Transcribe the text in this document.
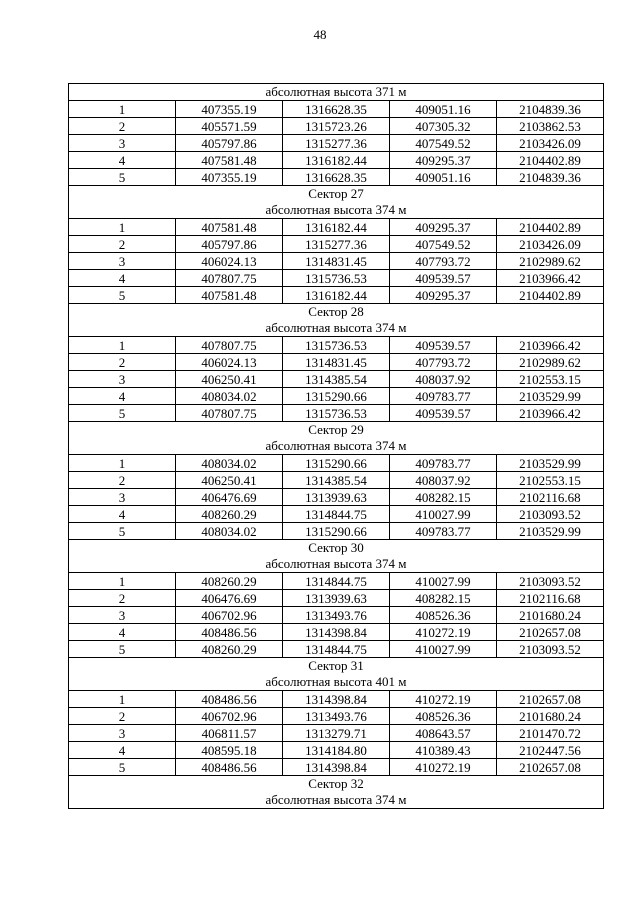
48
абсолютная высота 371 м				

1	407355.19	1316628.35	409051.16	2104839.36
2	405571.59	1315723.26	407305.32	2103862.53
3	405797.86	1315277.36	407549.52	2103426.09
4	407581.48	1316182.44	409295.37	2104402.89
5	407355.19	1316628.35	409051.16	2104839.36

Сектор 27
абсолютная высота 374 м				

1	407581.48	1316182.44	409295.37	2104402.89
2	405797.86	1315277.36	407549.52	2103426.09
3	406024.13	1314831.45	407793.72	2102989.62
4	407807.75	1315736.53	409539.57	2103966.42
5	407581.48	1316182.44	409295.37	2104402.89

Сектор 28
абсолютная высота 374 м				

1	407807.75	1315736.53	409539.57	2103966.42
2	406024.13	1314831.45	407793.72	2102989.62
3	406250.41	1314385.54	408037.92	2102553.15
4	408034.02	1315290.66	409783.77	2103529.99
5	407807.75	1315736.53	409539.57	2103966.42

Сектор 29
абсолютная высота 374 м				

1	408034.02	1315290.66	409783.77	2103529.99
2	406250.41	1314385.54	408037.92	2102553.15
3	406476.69	1313939.63	408282.15	2102116.68
4	408260.29	1314844.75	410027.99	2103093.52
5	408034.02	1315290.66	409783.77	2103529.99

Сектор 30
абсолютная высота 374 м				

1	408260.29	1314844.75	410027.99	2103093.52
2	406476.69	1313939.63	408282.15	2102116.68
3	406702.96	1313493.76	408526.36	2101680.24
4	408486.56	1314398.84	410272.19	2102657.08
5	408260.29	1314844.75	410027.99	2103093.52

Сектор 31
абсолютная высота 401 м				

1	408486.56	1314398.84	410272.19	2102657.08
2	406702.96	1313493.76	408526.36	2101680.24
3	406811.57	1313279.71	408643.57	2101470.72
4	408595.18	1314184.80	410389.43	2102447.56
5	408486.56	1314398.84	410272.19	2102657.08

Сектор 32
абсолютная высота 374 м				
